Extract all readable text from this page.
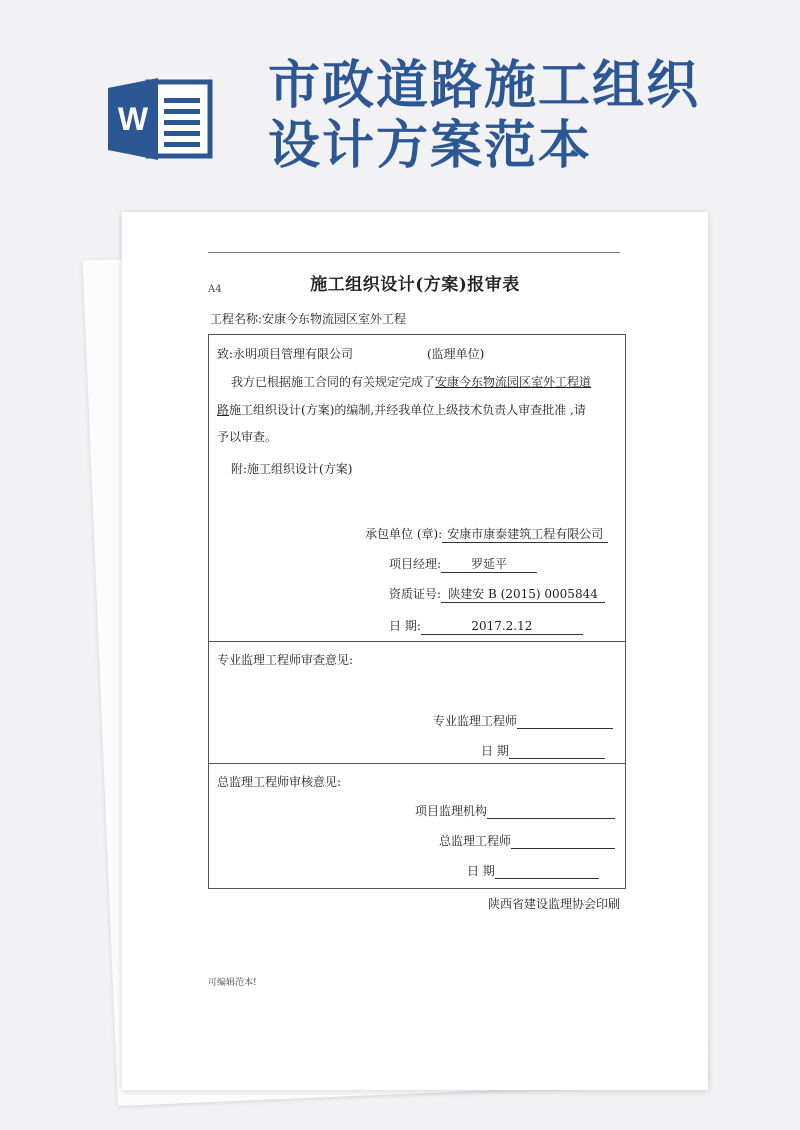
W
市政道路施工组织
设计方案范本
A4	施工组织设计(方案)报审表
工程名称:安康今东物流园区室外工程
致:永明项目管理有限公司	(监理单位)
我方已根据施工合同的有关规定完成了安康今东物流园区室外工程道
路施工组织设计(方案)的编制,并经我单位上级技术负责人审查批准 ,请
予以审查。
附:施工组织设计(方案)
承包单位 (章): 安康市康泰建筑工程有限公司
项目经理: 罗延平
资质证号: 陕建安 B (2015) 0005844
日 期:	2017.2.12
专业监理工程师审查意见:
专业监理工程师
日 期
总监理工程师审核意见:
项目监理机构
总监理工程师
日 期
陕西省建设监理协会印刷
可编辑范本!
